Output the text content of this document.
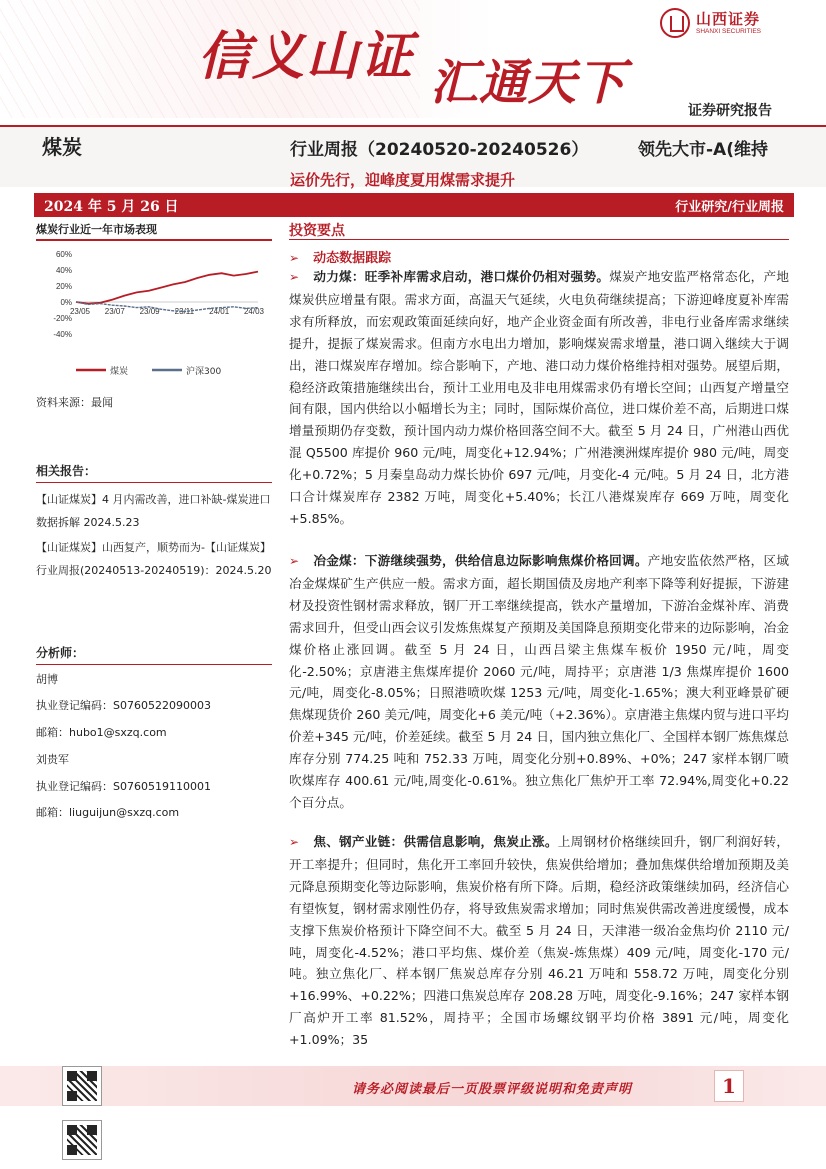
信义山证 汇通天下
山西证券
SHANXI SECURITIES
证券研究报告
煤炭	行业周报（20240520-20240526）	领先大市-A(维持
运价先行，迎峰度夏用煤需求提升
2024 年 5 月 26 日	行业研究/行业周报
煤炭行业近一年市场表现
60%
40%
20%
0%
-20%
-40%
23/05 23/07 23/09 23/11 24/01 24/03
煤炭	沪深300
资料来源：最闻
相关报告：
【山证煤炭】4 月内需改善，进口补缺-煤炭进口数据拆解 2024.5.23
【山证煤炭】山西复产，顺势而为-【山证煤炭】行业周报(20240513-20240519)：2024.5.20
分析师：
胡博
执业登记编码：S0760522090003
邮箱：hubo1@sxzq.com
刘贵军
执业登记编码：S0760519110001
邮箱：liuguijun@sxzq.com
投资要点
➢ 动态数据跟踪
➢ 动力煤：旺季补库需求启动，港口煤价仍相对强势。煤炭产地安监严格常态化，产地煤炭供应增量有限。需求方面，高温天气延续，火电负荷继续提高；下游迎峰度夏补库需求有所释放，而宏观政策面延续向好，地产企业资金面有所改善，非电行业备库需求继续提升，提振了煤炭需求。但南方水电出力增加，影响煤炭需求增量，港口调入继续大于调出，港口煤炭库存增加。综合影响下，产地、港口动力煤价格维持相对强势。展望后期，稳经济政策措施继续出台，预计工业用电及非电用煤需求仍有增长空间；山西复产增量空间有限，国内供给以小幅增长为主；同时，国际煤价高位，进口煤价差不高，后期进口煤增量预期仍存变数，预计国内动力煤价格回落空间不大。截至 5 月 24 日，广州港山西优混 Q5500 库提价 960 元/吨，周变化+12.94%；广州港澳洲煤库提价 980 元/吨，周变化+0.72%；5 月秦皇岛动力煤长协价 697 元/吨，月变化-4 元/吨。5 月 24 日，北方港口合计煤炭库存 2382 万吨，周变化+5.40%；长江八港煤炭库存 669 万吨，周变化+5.85%。
➢ 冶金煤：下游继续强势，供给信息边际影响焦煤价格回调。产地安监依然严格，区域冶金煤煤矿生产供应一般。需求方面，超长期国债及房地产利率下降等利好提振，下游建材及投资性钢材需求释放，钢厂开工率继续提高，铁水产量增加，下游冶金煤补库、消费需求回升，但受山西会议引发炼焦煤复产预期及美国降息预期变化带来的边际影响，冶金煤价格止涨回调。截至 5 月 24 日，山西吕梁主焦煤车板价 1950 元/吨，周变化-2.50%；京唐港主焦煤库提价 2060 元/吨，周持平；京唐港 1/3 焦煤库提价 1600 元/吨，周变化-8.05%；日照港喷吹煤 1253 元/吨，周变化-1.65%；澳大利亚峰景矿硬焦煤现货价 260 美元/吨，周变化+6 美元/吨（+2.36%）。京唐港主焦煤内贸与进口平均价差+345 元/吨，价差延续。截至 5 月 24 日，国内独立焦化厂、全国样本钢厂炼焦煤总库存分别 774.25 吨和 752.33 万吨，周变化分别+0.89%、+0%；247 家样本钢厂喷吹煤库存 400.61 元/吨,周变化-0.61%。独立焦化厂焦炉开工率 72.94%,周变化+0.22 个百分点。
➢ 焦、钢产业链：供需信息影响，焦炭止涨。上周钢材价格继续回升，钢厂利润好转，开工率提升；但同时，焦化开工率回升较快，焦炭供给增加；叠加焦煤供给增加预期及美元降息预期变化等边际影响，焦炭价格有所下降。后期，稳经济政策继续加码，经济信心有望恢复，钢材需求刚性仍存，将导致焦炭需求增加；同时焦炭供需改善进度缓慢，成本支撑下焦炭价格预计下降空间不大。截至 5 月 24 日，天津港一级冶金焦均价 2110 元/吨，周变化-4.52%；港口平均焦、煤价差（焦炭-炼焦煤）409 元/吨，周变化-170 元/吨。独立焦化厂、样本钢厂焦炭总库存分别 46.21 万吨和 558.72 万吨，周变化分别+16.99%、+0.22%；四港口焦炭总库存 208.28 万吨，周变化-9.16%；247 家样本钢厂高炉开工率 81.52%，周持平；全国市场螺纹钢平均价格 3891 元/吨，周变化+1.09%；35
请务必阅读最后一页股票评级说明和免责声明	1
